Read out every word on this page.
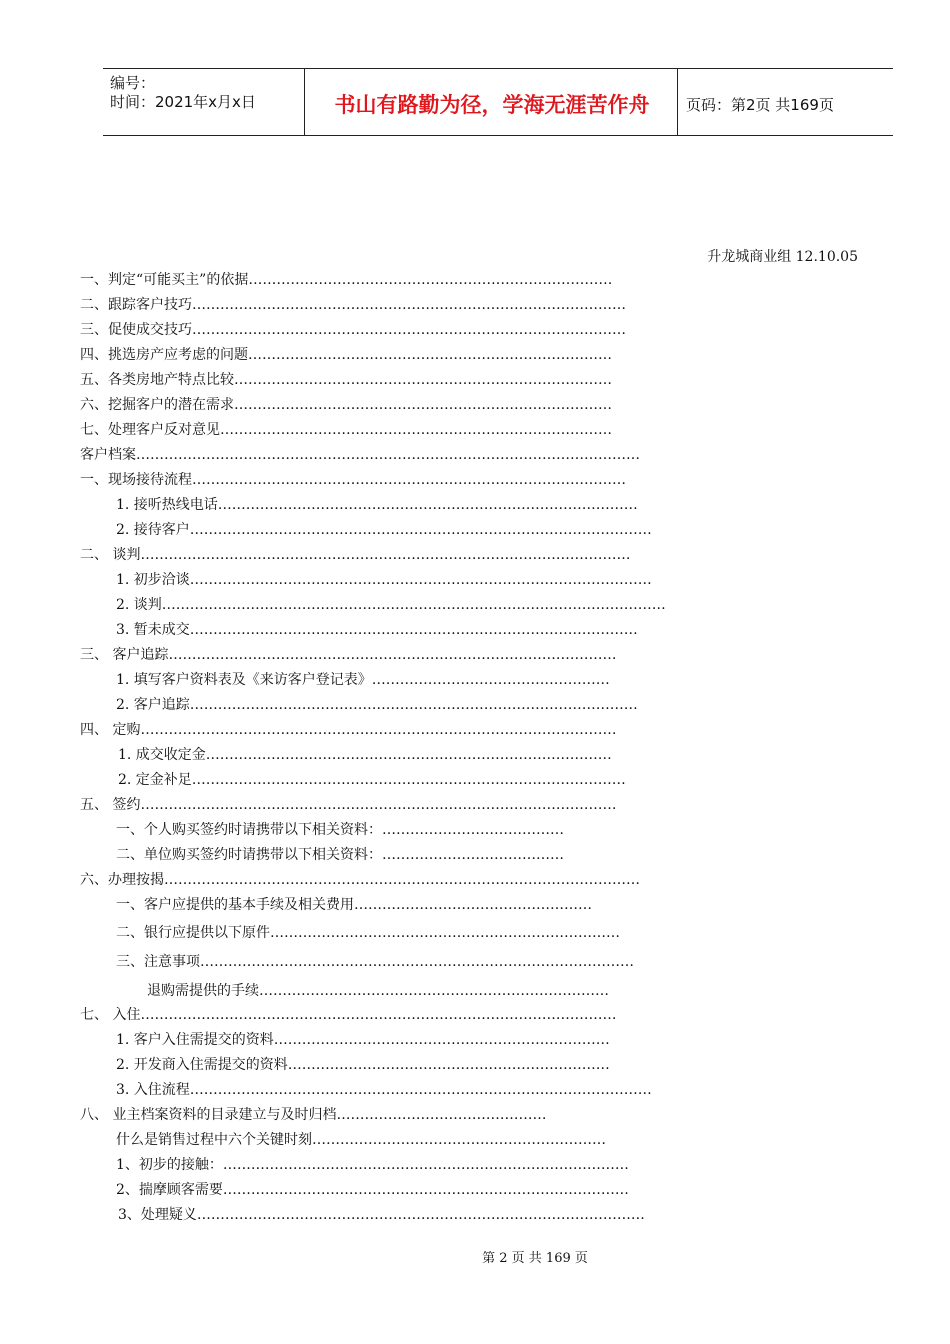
编号：
时间：2021年x月x日	书山有路勤为径，学海无涯苦作舟	页码：第2页 共169页
升龙城商业组 12.10.05
一、判定“可能买主”的依据……………………………………………………………………
二、跟踪客户技巧…………………………………………………………………………………
三、促使成交技巧…………………………………………………………………………………
四、挑选房产应考虑的问题……………………………………………………………………
五、各类房地产特点比较………………………………………………………………………
六、挖掘客户的潜在需求………………………………………………………………………
七、处理客户反对意见…………………………………………………………………………
客户档案………………………………………………………………………………………………
一、现场接待流程…………………………………………………………………………………
1. 接听热线电话………………………………………………………………………………
2. 接待客户………………………………………………………………………………………
二、 谈判……………………………………………………………………………………………
1. 初步洽谈………………………………………………………………………………………
2. 谈判………………………………………………………………………………………………
3. 暂未成交……………………………………………………………………………………
三、 客户追踪……………………………………………………………………………………
1. 填写客户资料表及《来访客户登记表》……………………………………………
2. 客户追踪……………………………………………………………………………………
四、 定购…………………………………………………………………………………………
1. 成交收定金……………………………………………………………………………
2. 定金补足…………………………………………………………………………………
五、 签约…………………………………………………………………………………………
一、个人购买签约时请携带以下相关资料：…………………………………
二、单位购买签约时请携带以下相关资料：…………………………………
六、办理按揭…………………………………………………………………………………………
一、客户应提供的基本手续及相关费用……………………………………………
二、银行应提供以下原件…………………………………………………………………
三、注意事项…………………………………………………………………………………
退购需提供的手续…………………………………………………………………
七、 入住…………………………………………………………………………………………
1. 客户入住需提交的资料………………………………………………………………
2. 开发商入住需提交的资料……………………………………………………………
3. 入住流程………………………………………………………………………………………
八、 业主档案资料的目录建立与及时归档………………………………………
什么是销售过程中六个关键时刻………………………………………………………
1、初步的接触：……………………………………………………………………………
2、揣摩顾客需要……………………………………………………………………………
3、处理疑义……………………………………………………………………………………
第 2 页 共 169 页
